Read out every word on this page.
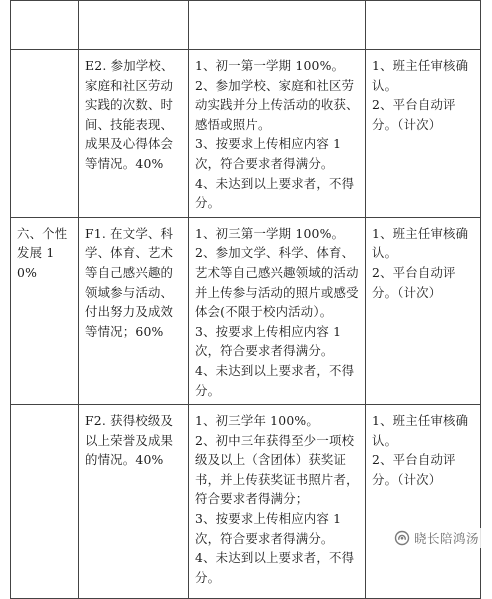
	E2. 参加学校、家庭和社区劳动实践的次数、时间、技能表现、成果及心得体会等情况。40%	1、初一第一学期 100%。
2、参加学校、家庭和社区劳动实践并分上传活动的收获、感悟或照片。
3、按要求上传相应内容 1 次，符合要求者得满分。
4、未达到以上要求者，不得分。	1、班主任审核确认。
2、平台自动评分。（计次）

六、个性发展 10%	F1. 在文学、科学、体育、艺术等自己感兴趣的领域参与活动、付出努力及成效等情况；60%	1、初三第一学期 100%。
2、参加文学、科学、体育、艺术等自己感兴趣领域的活动并上传参与活动的照片或感受体会(不限于校内活动）。
3、按要求上传相应内容 1 次，符合要求者得满分。
4、未达到以上要求者，不得分。	1、班主任审核确认。
2、平台自动评分。（计次）

	F2. 获得校级及以上荣誉及成果的情况。40%	1、初三学年 100%。
2、初中三年获得至少一项校级及以上（含团体）获奖证书，并上传获奖证书照片者，符合要求者得满分；
3、按要求上传相应内容 1 次，符合要求者得满分。
4、未达到以上要求者，不得分。	1、班主任审核确认。
2、平台自动评分。（计次）
晓长陪鸿汤
